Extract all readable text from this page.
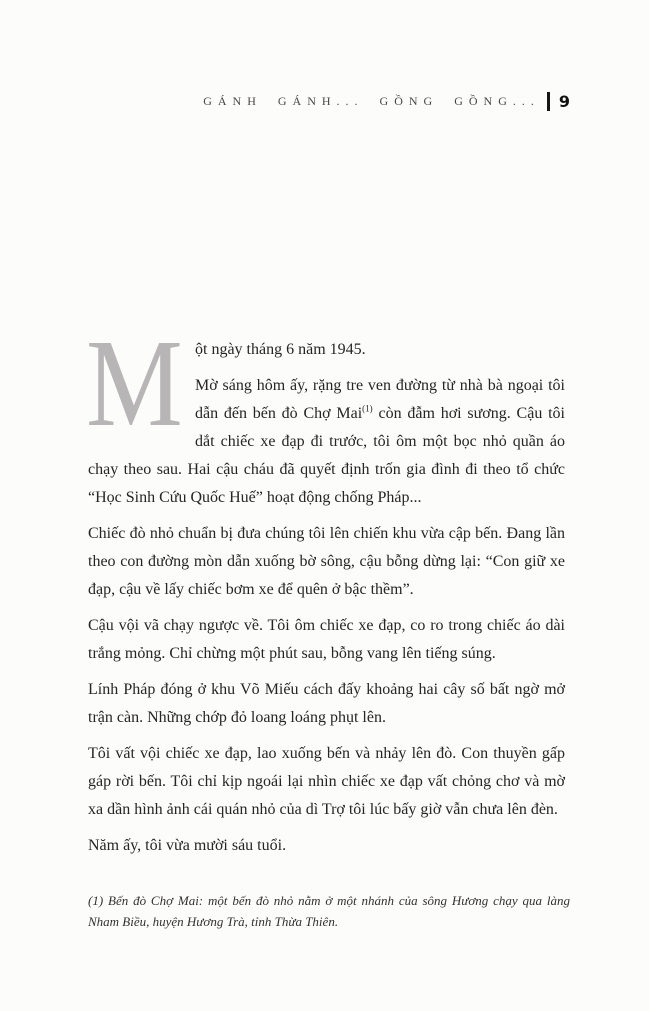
GÁNH GÁNH... GỒNG GỒNG... 9
M ột ngày tháng 6 năm 1945.

Mờ sáng hôm ấy, rặng tre ven đường từ nhà bà ngoại tôi dẫn đến bến đò Chợ Mai$^{(1)}$ còn đẫm hơi sương. Cậu tôi dắt chiếc xe đạp đi trước, tôi ôm một bọc nhỏ quần áo chạy theo sau. Hai cậu cháu đã quyết định trốn gia đình đi theo tổ chức “Học Sinh Cứu Quốc Huế” hoạt động chống Pháp...

Chiếc đò nhỏ chuẩn bị đưa chúng tôi lên chiến khu vừa cập bến. Đang lần theo con đường mòn dẫn xuống bờ sông, cậu bỗng dừng lại: “Con giữ xe đạp, cậu về lấy chiếc bơm xe để quên ở bậc thềm”.

Cậu vội vã chạy ngược về. Tôi ôm chiếc xe đạp, co ro trong chiếc áo dài trắng mỏng. Chỉ chừng một phút sau, bỗng vang lên tiếng súng.

Lính Pháp đóng ở khu Võ Miếu cách đấy khoảng hai cây số bất ngờ mở trận càn. Những chớp đỏ loang loáng phụt lên.

Tôi vất vội chiếc xe đạp, lao xuống bến và nhảy lên đò. Con thuyền gấp gáp rời bến. Tôi chỉ kịp ngoái lại nhìn chiếc xe đạp vất chỏng chơ và mờ xa dần hình ảnh cái quán nhỏ của dì Trợ tôi lúc bấy giờ vẫn chưa lên đèn.

Năm ấy, tôi vừa mười sáu tuổi.

(1) Bến đò Chợ Mai: một bến đò nhỏ nằm ở một nhánh của sông Hương chạy qua làng Nham Biều, huyện Hương Trà, tỉnh Thừa Thiên.
